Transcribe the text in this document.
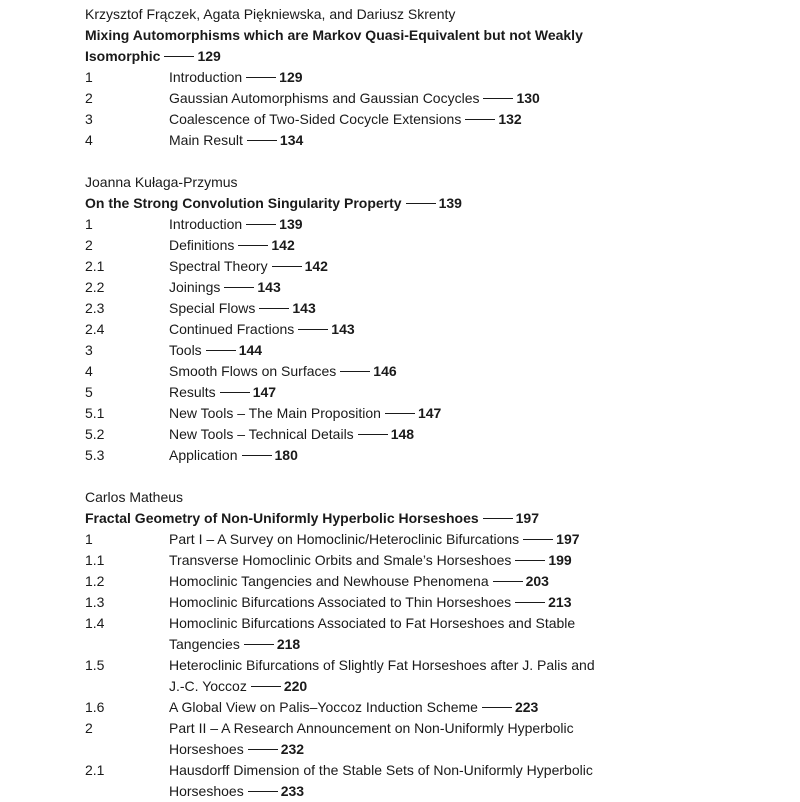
Krzysztof Frączek, Agata Piękniewska, and Dariusz Skrenty
Mixing Automorphisms which are Markov Quasi-Equivalent but not Weakly
Isomorphic	129
1	Introduction	129
2	Gaussian Automorphisms and Gaussian Cocycles	130
3	Coalescence of Two-Sided Cocycle Extensions	132
4	Main Result	134
Joanna Kułaga-Przymus
On the Strong Convolution Singularity Property	139
1	Introduction	139
2	Definitions	142
2.1	Spectral Theory	142
2.2	Joinings	143
2.3	Special Flows	143
2.4	Continued Fractions	143
3	Tools	144
4	Smooth Flows on Surfaces	146
5	Results	147
5.1	New Tools – The Main Proposition	147
5.2	New Tools – Technical Details	148
5.3	Application	180
Carlos Matheus
Fractal Geometry of Non-Uniformly Hyperbolic Horseshoes	197
1	Part I – A Survey on Homoclinic/Heteroclinic Bifurcations	197
1.1	Transverse Homoclinic Orbits and Smale’s Horseshoes	199
1.2	Homoclinic Tangencies and Newhouse Phenomena	203
1.3	Homoclinic Bifurcations Associated to Thin Horseshoes	213
1.4	Homoclinic Bifurcations Associated to Fat Horseshoes and Stable
Tangencies	218
1.5	Heteroclinic Bifurcations of Slightly Fat Horseshoes after J. Palis and
J.-C. Yoccoz	220
1.6	A Global View on Palis–Yoccoz Induction Scheme	223
2	Part II – A Research Announcement on Non-Uniformly Hyperbolic
Horseshoes	232
2.1	Hausdorff Dimension of the Stable Sets of Non-Uniformly Hyperbolic
Horseshoes	233
